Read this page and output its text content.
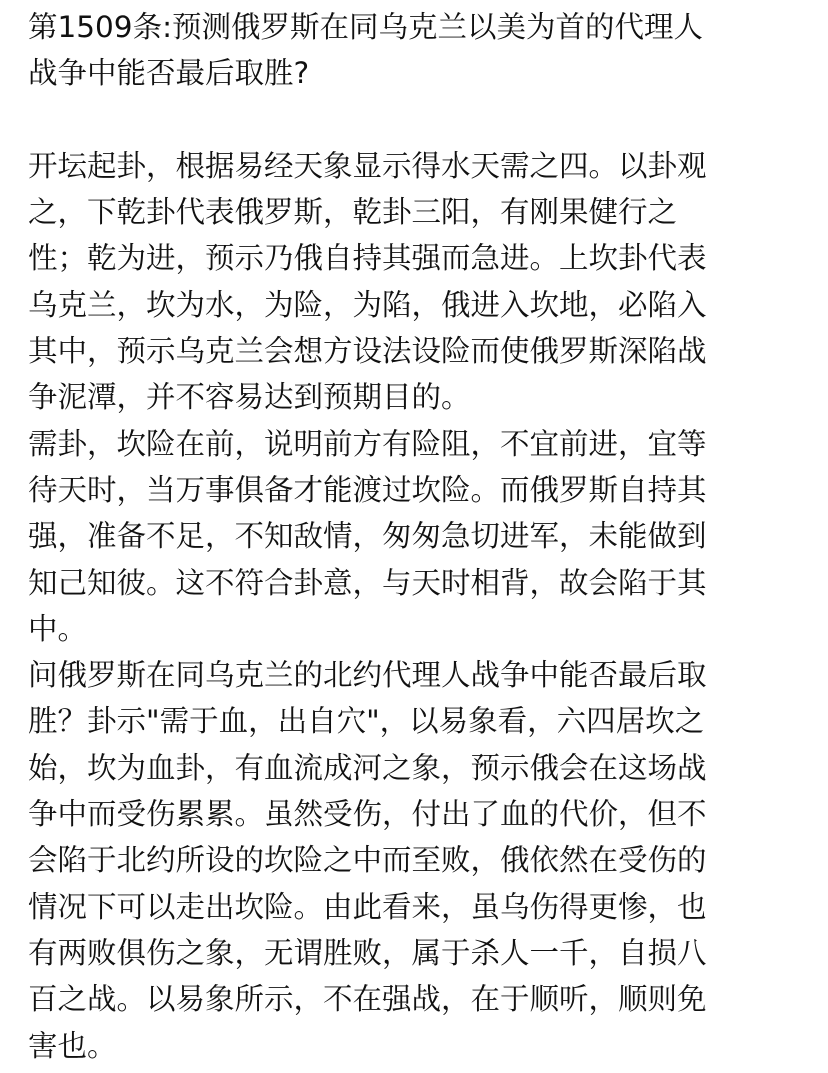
第1509条:预测俄罗斯在同乌克兰以美为首的代理人
战争中能否最后取胜?
开坛起卦，根据易经天象显示得水天需之四。以卦观
之，下乾卦代表俄罗斯，乾卦三阳，有刚果健行之
性；乾为进，预示乃俄自持其强而急进。上坎卦代表
乌克兰，坎为水，为险，为陷，俄进入坎地，必陷入
其中，预示乌克兰会想方设法设险而使俄罗斯深陷战
争泥潭，并不容易达到预期目的。
需卦，坎险在前，说明前方有险阻，不宜前进，宜等
待天时，当万事俱备才能渡过坎险。而俄罗斯自持其
强，准备不足，不知敌情，匆匆急切进军，未能做到
知己知彼。这不符合卦意，与天时相背，故会陷于其
中。
问俄罗斯在同乌克兰的北约代理人战争中能否最后取
胜？卦示"需于血，出自穴"，以易象看，六四居坎之
始，坎为血卦，有血流成河之象，预示俄会在这场战
争中而受伤累累。虽然受伤，付出了血的代价，但不
会陷于北约所设的坎险之中而至败，俄依然在受伤的
情况下可以走出坎险。由此看来，虽乌伤得更惨，也
有两败俱伤之象，无谓胜败，属于杀人一千，自损八
百之战。以易象所示，不在强战，在于顺听，顺则免
害也。
